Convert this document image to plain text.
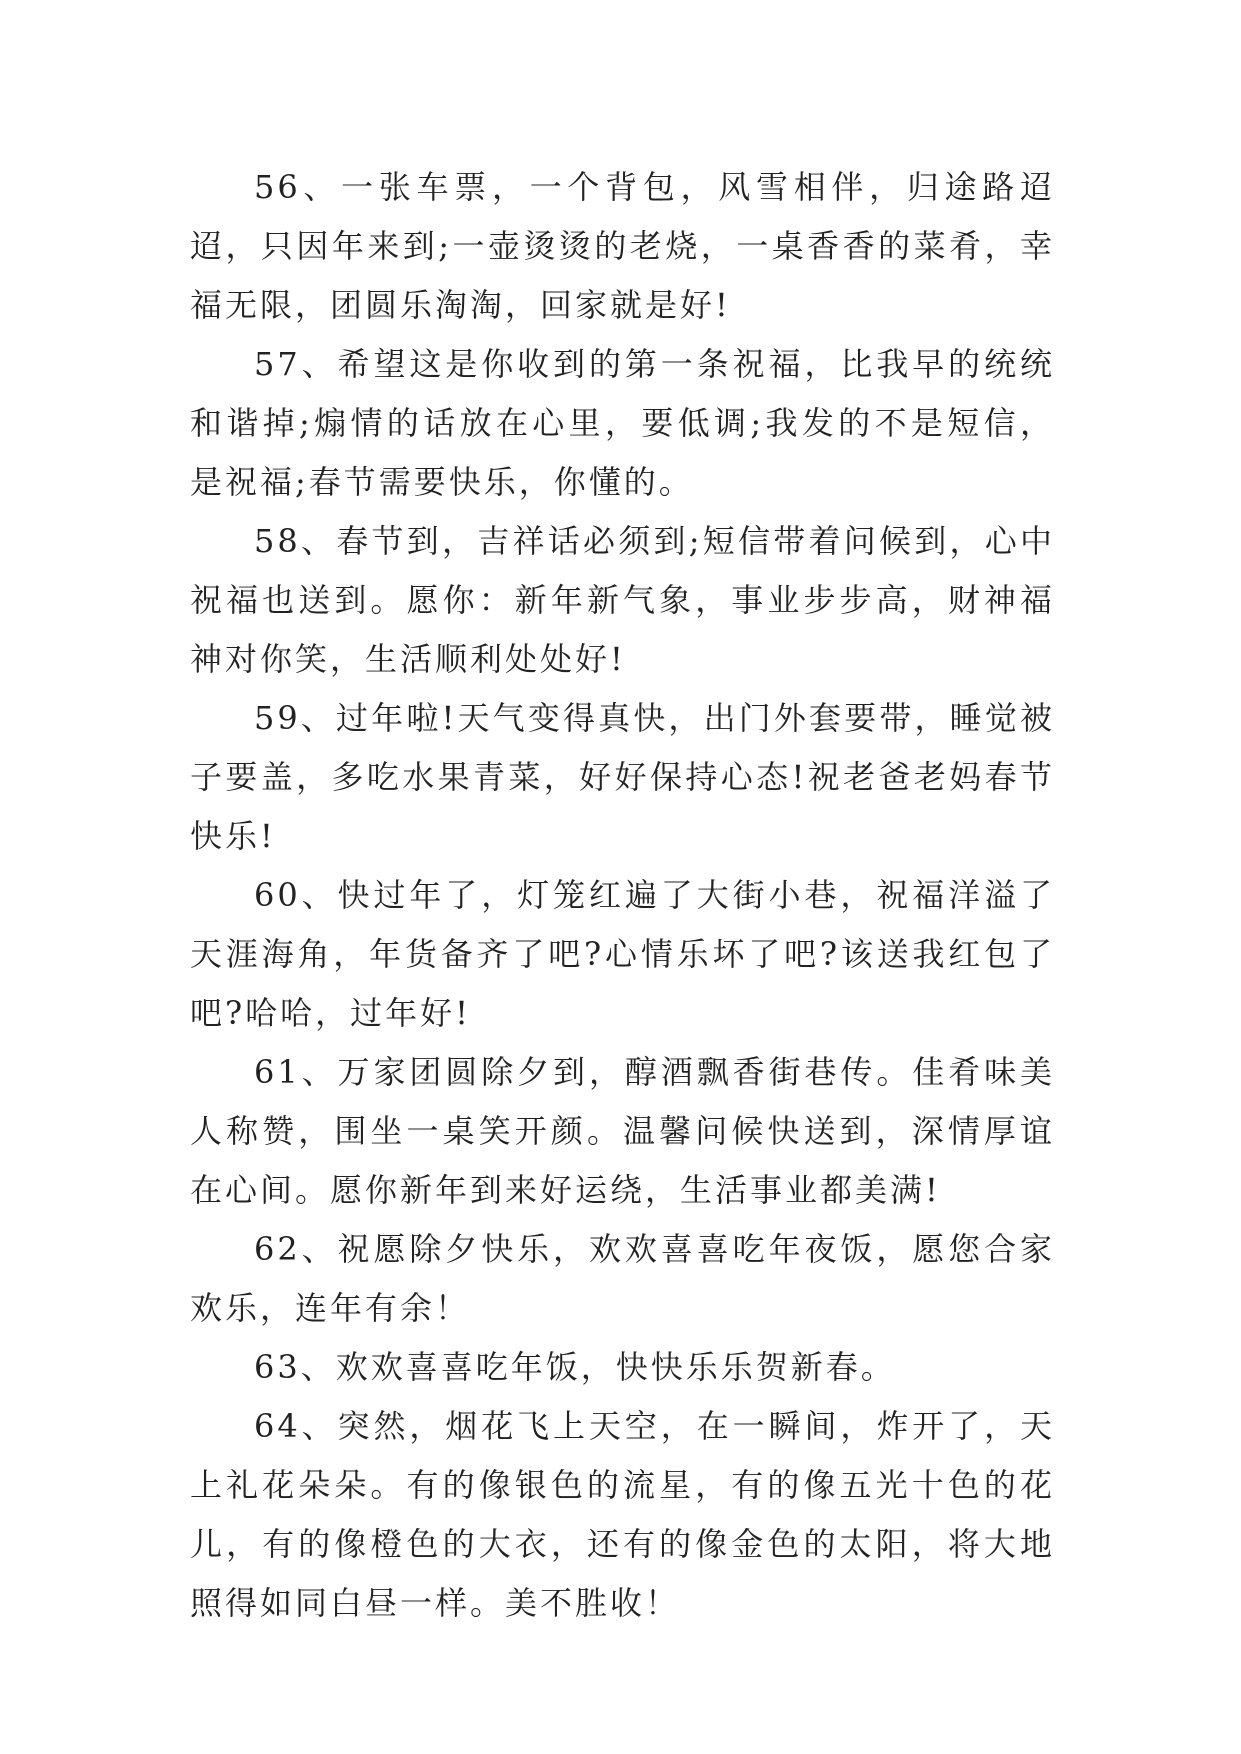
56、一张车票，一个背包，风雪相伴，归途路迢迢，只因年来到;一壶烫烫的老烧，一桌香香的菜肴，幸福无限，团圆乐淘淘，回家就是好!

57、希望这是你收到的第一条祝福，比我早的统统和谐掉;煽情的话放在心里，要低调;我发的不是短信，是祝福;春节需要快乐，你懂的。

58、春节到，吉祥话必须到;短信带着问候到，心中祝福也送到。愿你：新年新气象，事业步步高，财神福神对你笑，生活顺利处处好!

59、过年啦!天气变得真快，出门外套要带，睡觉被子要盖，多吃水果青菜，好好保持心态!祝老爸老妈春节快乐!

60、快过年了，灯笼红遍了大街小巷，祝福洋溢了天涯海角，年货备齐了吧?心情乐坏了吧?该送我红包了吧?哈哈，过年好!

61、万家团圆除夕到，醇酒飘香街巷传。佳肴味美人称赞，围坐一桌笑开颜。温馨问候快送到，深情厚谊在心间。愿你新年到来好运绕，生活事业都美满!

62、祝愿除夕快乐，欢欢喜喜吃年夜饭，愿您合家欢乐，连年有余！

63、欢欢喜喜吃年饭，快快乐乐贺新春。

64、突然，烟花飞上天空，在一瞬间，炸开了，天上礼花朵朵。有的像银色的流星，有的像五光十色的花儿，有的像橙色的大衣，还有的像金色的太阳，将大地照得如同白昼一样。美不胜收！
